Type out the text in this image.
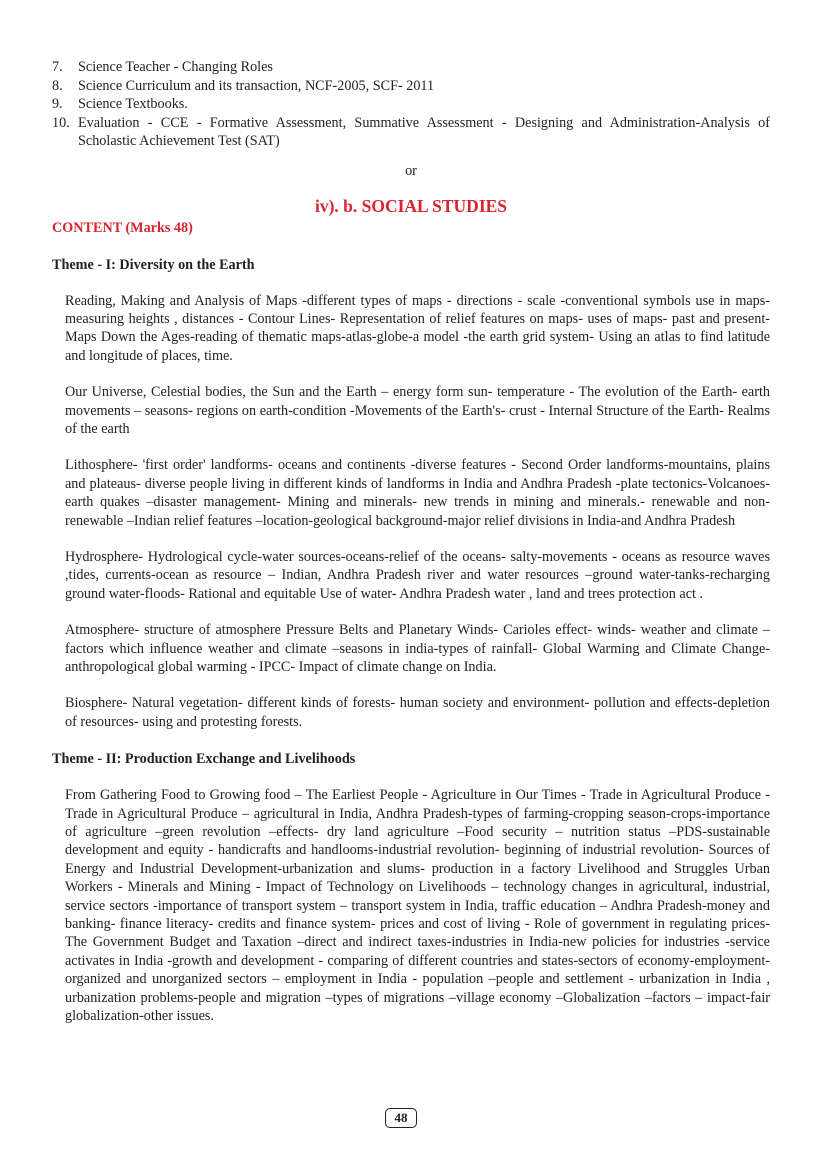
7.	Science Teacher - Changing Roles
8.	Science Curriculum and its transaction, NCF-2005, SCF- 2011
9.	Science Textbooks.
10. Evaluation - CCE - Formative Assessment, Summative Assessment - Designing and Administration-Analysis of Scholastic Achievement Test (SAT)
or
iv). b. SOCIAL STUDIES
CONTENT (Marks 48)
Theme - I: Diversity on the Earth

Reading, Making and Analysis of Maps -different types of maps - directions - scale -conventional symbols use in maps-measuring heights , distances - Contour Lines- Representation of relief features on maps- uses of maps- past and present-Maps Down the Ages-reading of thematic maps-atlas-globe-a model -the earth grid system- Using an atlas to find latitude and longitude of places, time.

Our Universe, Celestial bodies, the Sun and the Earth – energy form sun- temperature - The evolution of the Earth- earth movements – seasons- regions on earth-condition -Movements of the Earth's- crust - Internal Structure of the Earth- Realms of the earth

Lithosphere- 'first order' landforms- oceans and continents -diverse features - Second Order landforms-mountains, plains and plateaus- diverse people living in different kinds of landforms in India and Andhra Pradesh -plate tectonics-Volcanoes-earth quakes –disaster management- Mining and minerals- new trends in mining and minerals.- renewable and non-renewable –Indian relief features –location-geological background-major relief divisions in India-and Andhra Pradesh

Hydrosphere- Hydrological cycle-water sources-oceans-relief of the oceans- salty-movements - oceans as resource waves ,tides, currents-ocean as resource – Indian, Andhra Pradesh river and water resources –ground water-tanks-recharging ground water-floods- Rational and equitable Use of water- Andhra Pradesh water , land and trees protection act .

Atmosphere- structure of atmosphere Pressure Belts and Planetary Winds- Carioles effect- winds- weather and climate –factors which influence weather and climate –seasons in india-types of rainfall- Global Warming and Climate Change-anthropological global warming - IPCC- Impact of climate change on India.

Biosphere- Natural vegetation- different kinds of forests- human society and environment- pollution and effects-depletion of resources- using and protesting forests.

Theme - II: Production Exchange and Livelihoods

From Gathering Food to Growing food – The Earliest People - Agriculture in Our Times - Trade in Agricultural Produce -Trade in Agricultural Produce – agricultural in India, Andhra Pradesh-types of farming-cropping season-crops-importance of agriculture –green revolution –effects- dry land agriculture –Food security – nutrition status –PDS-sustainable development and equity - handicrafts and handlooms-industrial revolution- beginning of industrial revolution- Sources of Energy and Industrial Development-urbanization and slums- production in a factory Livelihood and Struggles Urban Workers - Minerals and Mining - Impact of Technology on Livelihoods – technology changes in agricultural, industrial, service sectors -importance of transport system – transport system in India, traffic education – Andhra Pradesh-money and banking- finance literacy- credits and finance system- prices and cost of living - Role of government in regulating prices- The Government Budget and Taxation –direct and indirect taxes-industries in India-new policies for industries -service activates in India -growth and development - comparing of different countries and states-sectors of economy-employment- organized and unorganized sectors – employment in India - population –people and settlement - urbanization in India , urbanization problems-people and migration –types of migrations –village economy –Globalization –factors – impact-fair globalization-other issues.

48
